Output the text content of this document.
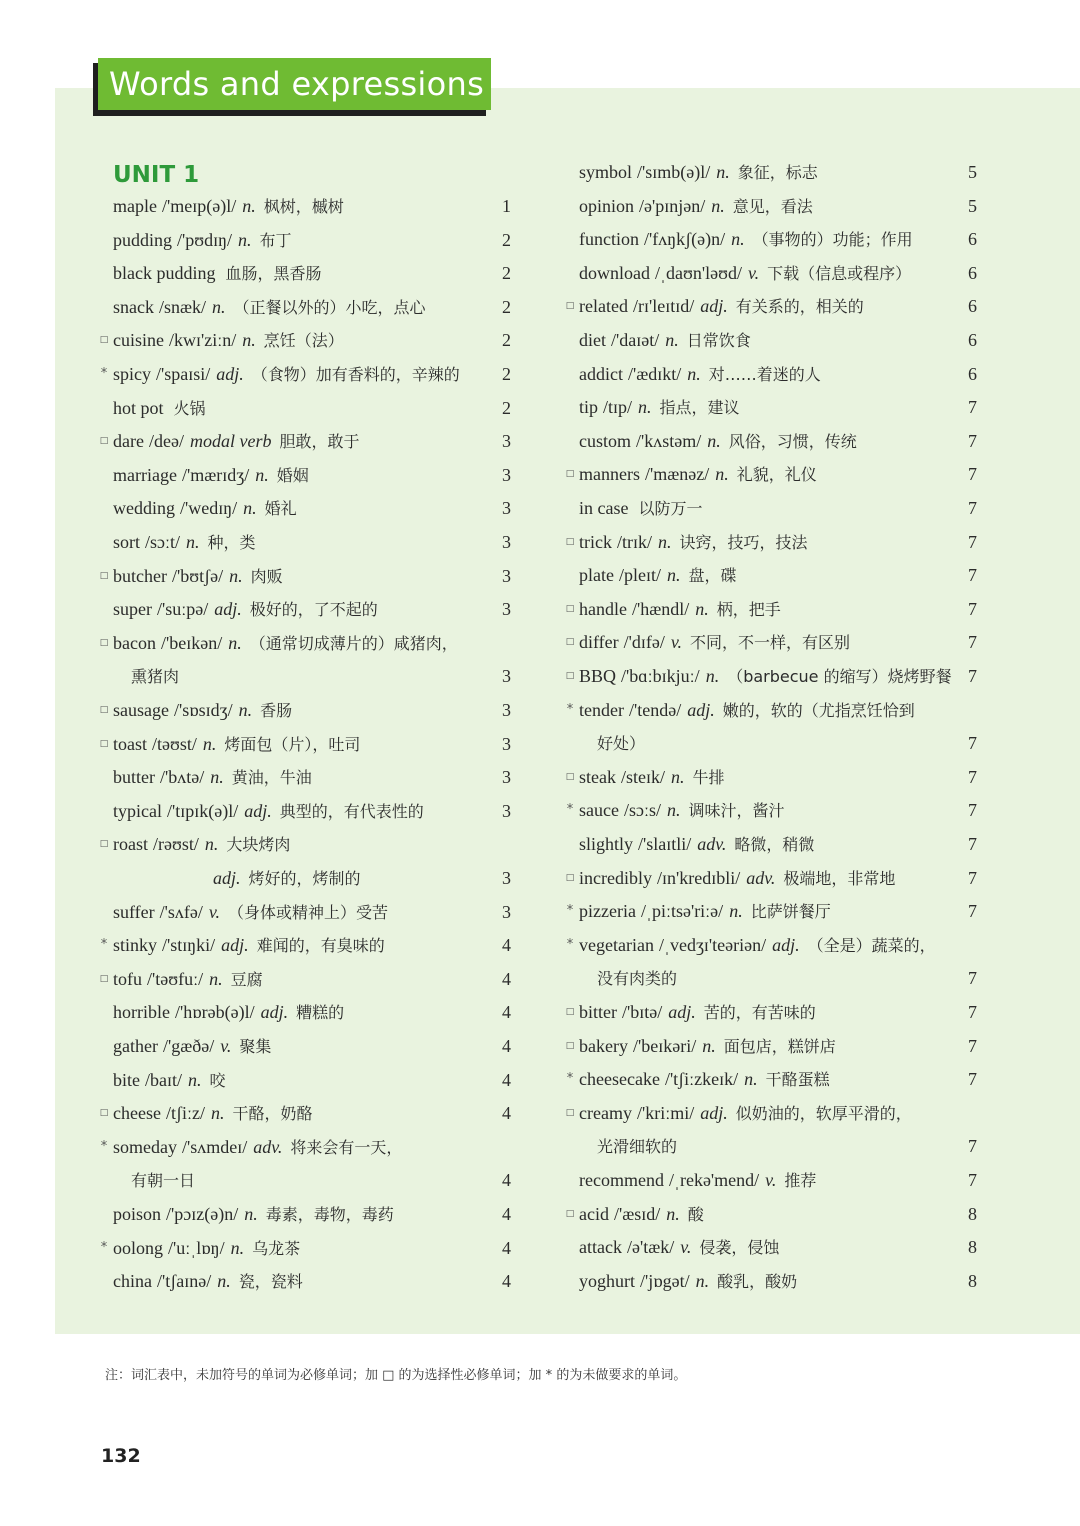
Words and expressions
UNIT 1
maple /'meɪp(ə)l/ n. 枫树，槭树	1
pudding /'pʊdɪŋ/ n. 布丁	2
black pudding 血肠，黑香肠	2
snack /snæk/ n. （正餐以外的）小吃，点心	2
□ cuisine /kwɪ'ziːn/ n. 烹饪（法）	2
* spicy /'spaɪsi/ adj. （食物）加有香料的，辛辣的	2
hot pot 火锅	2
□ dare /deə/ modal verb 胆敢，敢于	3
marriage /'mærɪdʒ/ n. 婚姻	3
wedding /'wedɪŋ/ n. 婚礼	3
sort /sɔːt/ n. 种，类	3
□ butcher /'bʊtʃə/ n. 肉贩	3
super /'suːpə/ adj. 极好的，了不起的	3
□ bacon /'beɪkən/ n. （通常切成薄片的）咸猪肉，
熏猪肉	3
□ sausage /'sɒsɪdʒ/ n. 香肠	3
□ toast /təʊst/ n. 烤面包（片），吐司	3
butter /'bʌtə/ n. 黄油，牛油	3
typical /'tɪpɪk(ə)l/ adj. 典型的，有代表性的	3
□ roast /rəʊst/ n. 大块烤肉
adj. 烤好的，烤制的	3
suffer /'sʌfə/ v. （身体或精神上）受苦	3
* stinky /'stɪŋki/ adj. 难闻的，有臭味的	4
□ tofu /'təʊfuː/ n. 豆腐	4
horrible /'hɒrəb(ə)l/ adj. 糟糕的	4
gather /'gæðə/ v. 聚集	4
bite /baɪt/ n. 咬	4
□ cheese /tʃiːz/ n. 干酪，奶酪	4
* someday /'sʌmdeɪ/ adv. 将来会有一天，
有朝一日	4
poison /'pɔɪz(ə)n/ n. 毒素，毒物，毒药	4
* oolong /'uːˌlɒŋ/ n. 乌龙茶	4
china /'tʃaɪnə/ n. 瓷，瓷料	4
symbol /'sɪmb(ə)l/ n. 象征，标志	5
opinion /ə'pɪnjən/ n. 意见，看法	5
function /'fʌŋkʃ(ə)n/ n. （事物的）功能；作用	6
download /ˌdaʊn'ləʊd/ v. 下载（信息或程序）	6
□ related /rɪ'leɪtɪd/ adj. 有关系的，相关的	6
diet /'daɪət/ n. 日常饮食	6
addict /'ædɪkt/ n. 对……着迷的人	6
tip /tɪp/ n. 指点，建议	7
custom /'kʌstəm/ n. 风俗，习惯，传统	7
□ manners /'mænəz/ n. 礼貌，礼仪	7
in case 以防万一	7
□ trick /trɪk/ n. 诀窍，技巧，技法	7
plate /pleɪt/ n. 盘，碟	7
□ handle /'hændl/ n. 柄，把手	7
□ differ /'dɪfə/ v. 不同，不一样，有区别	7
□ BBQ /'bɑːbɪkjuː/ n. （barbecue 的缩写）烧烤野餐 7
* tender /'tendə/ adj. 嫩的，软的（尤指烹饪恰到
好处）	7
□ steak /steɪk/ n. 牛排	7
* sauce /sɔːs/ n. 调味汁，酱汁	7
slightly /'slaɪtli/ adv. 略微，稍微	7
□ incredibly /ɪn'kredɪbli/ adv. 极端地，非常地	7
* pizzeria /ˌpiːtsə'riːə/ n. 比萨饼餐厅	7
* vegetarian /ˌvedʒɪ'teəriən/ adj. （全是）蔬菜的，
没有肉类的	7
□ bitter /'bɪtə/ adj. 苦的，有苦味的	7
□ bakery /'beɪkəri/ n. 面包店，糕饼店	7
* cheesecake /'tʃiːzkeɪk/ n. 干酪蛋糕	7
□ creamy /'kriːmi/ adj. 似奶油的，软厚平滑的，
光滑细软的	7
recommend /ˌrekə'mend/ v. 推荐	7
□ acid /'æsɪd/ n. 酸	8
attack /ə'tæk/ v. 侵袭，侵蚀	8
yoghurt /'jɒgət/ n. 酸乳，酸奶	8
注：词汇表中，未加符号的单词为必修单词；加 □ 的为选择性必修单词；加 * 的为未做要求的单词。
132
